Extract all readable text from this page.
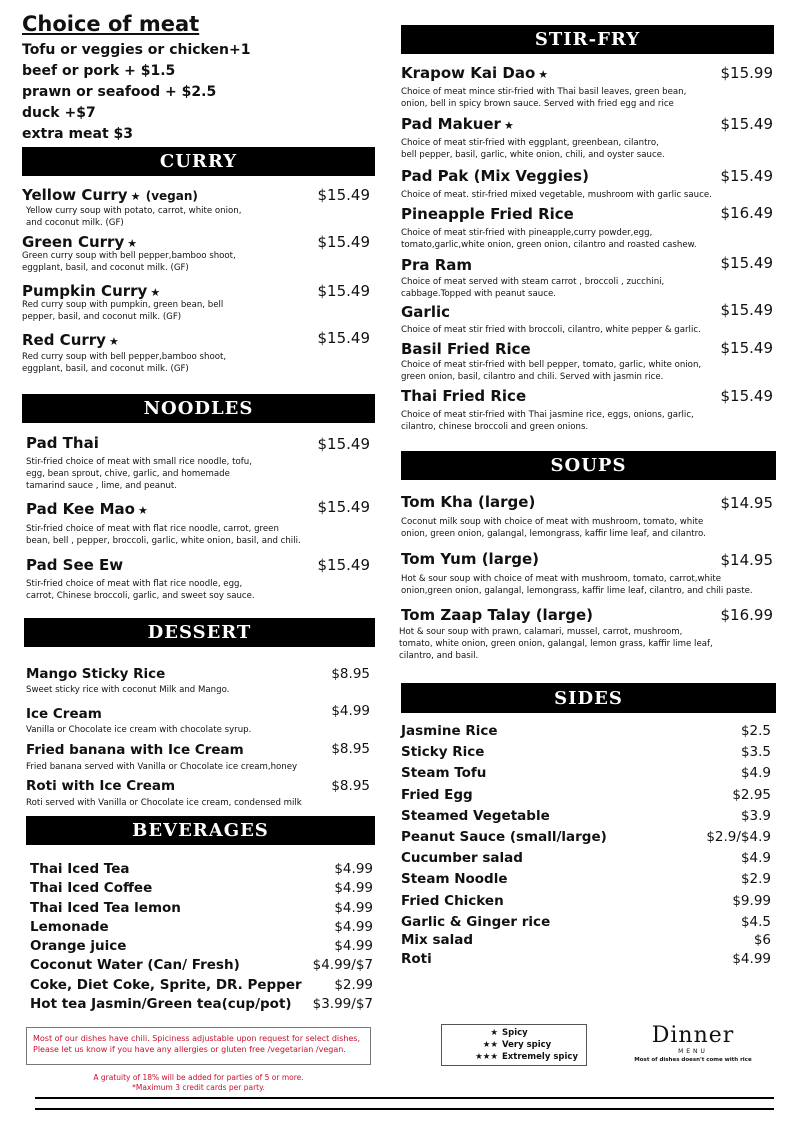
Choice of meat
Tofu or veggies or chicken+1
beef or pork + $1.5
prawn or seafood + $2.5
duck +$7
extra meat $3
CURRY
Yellow Curry ★ (vegan)	$15.49
Yellow curry soup with potato, carrot, white onion,
and coconut milk. (GF)
Green Curry ★	$15.49
Green curry soup with bell pepper,bamboo shoot,
eggplant, basil, and coconut milk. (GF)
Pumpkin Curry ★	$15.49
Red curry soup with pumpkin, green bean, bell
pepper, basil, and coconut milk. (GF)
Red Curry ★	$15.49
Red curry soup with bell pepper,bamboo shoot,
eggplant, basil, and coconut milk. (GF)
NOODLES
Pad Thai	$15.49
Stir-fried choice of meat with small rice noodle, tofu,
egg, bean sprout, chive, garlic, and homemade
tamarind sauce , lime, and peanut.
Pad Kee Mao ★	$15.49
Stir-fried choice of meat with flat rice noodle, carrot, green
bean, bell , pepper, broccoli, garlic, white onion, basil, and chili.
Pad See Ew	$15.49
Stir-fried choice of meat with flat rice noodle, egg,
carrot, Chinese broccoli, garlic, and sweet soy sauce.
DESSERT
Mango Sticky Rice	$8.95
Sweet sticky rice with coconut Milk and Mango.
Ice Cream	$4.99
Vanilla or Chocolate ice cream with chocolate syrup.
Fried banana with Ice Cream	$8.95
Fried banana served with Vanilla or Chocolate ice cream,honey
Roti with Ice Cream	$8.95
Roti served with Vanilla or Chocolate ice cream, condensed milk
BEVERAGES
Thai Iced Tea	$4.99
Thai Iced Coffee	$4.99
Thai Iced Tea lemon	$4.99
Lemonade	$4.99
Orange juice	$4.99
Coconut Water (Can/ Fresh)	$4.99/$7
Coke, Diet Coke, Sprite, DR. Pepper $2.99
Hot tea Jasmin/Green tea(cup/pot) $3.99/$7
STIR-FRY
Krapow Kai Dao ★	$15.99
Choice of meat mince stir-fried with Thai basil leaves, green bean,
onion, bell in spicy brown sauce. Served with fried egg and rice
Pad Makuer ★	$15.49
Choice of meat stir-fried with eggplant, greenbean, cilantro,
bell pepper, basil, garlic, white onion, chili, and oyster sauce.
Pad Pak (Mix Veggies)	$15.49
Choice of meat. stir-fried mixed vegetable, mushroom with garlic sauce.
Pineapple Fried Rice	$16.49
Choice of meat stir-fried with pineapple,curry powder,egg,
tomato,garlic,white onion, green onion, cilantro and roasted cashew.
Pra Ram	$15.49
Choice of meat served with steam carrot , broccoli , zucchini,
cabbage.Topped with peanut sauce.
Garlic	$15.49
Choice of meat stir fried with broccoli, cilantro, white pepper & garlic.
Basil Fried Rice	$15.49
Choice of meat stir-fried with bell pepper, tomato, garlic, white onion,
green onion, basil, cilantro and chili. Served with jasmin rice.
Thai Fried Rice	$15.49
Choice of meat stir-fried with Thai jasmine rice, eggs, onions, garlic,
cilantro, chinese broccoli and green onions.
SOUPS
Tom Kha (large)	$14.95
Coconut milk soup with choice of meat with mushroom, tomato, white
onion, green onion, galangal, lemongrass, kaffir lime leaf, and cilantro.
Tom Yum (large)	$14.95
Hot & sour soup with choice of meat with mushroom, tomato, carrot,white
onion,green onion, galangal, lemongrass, kaffir lime leaf, cilantro, and chili paste.
Tom Zaap Talay (large)	$16.99
Hot & sour soup with prawn, calamari, mussel, carrot, mushroom,
tomato, white onion, green onion, galangal, lemon grass, kaffir lime leaf,
cilantro, and basil.
SIDES
Jasmine Rice	$2.5
Sticky Rice	$3.5
Steam Tofu	$4.9
Fried Egg	$2.95
Steamed Vegetable	$3.9
Peanut Sauce (small/large)	$2.9/$4.9
Cucumber salad	$4.9
Steam Noodle	$2.9
Fried Chicken	$9.99
Garlic & Ginger rice	$4.5
Mix salad	$6
Roti	$4.99
Most of our dishes have chili. Spiciness adjustable upon request for select dishes,
Please let us know if you have any allergies or gluten free /vegetarian /vegan.
A gratuity of 18% will be added for parties of 5 or more.
*Maximum 3 credit cards per party.
★ Spicy
★★ Very spicy
★★★ Extremely spicy
Dinner
MENU
Most of dishes doesn't come with rice
